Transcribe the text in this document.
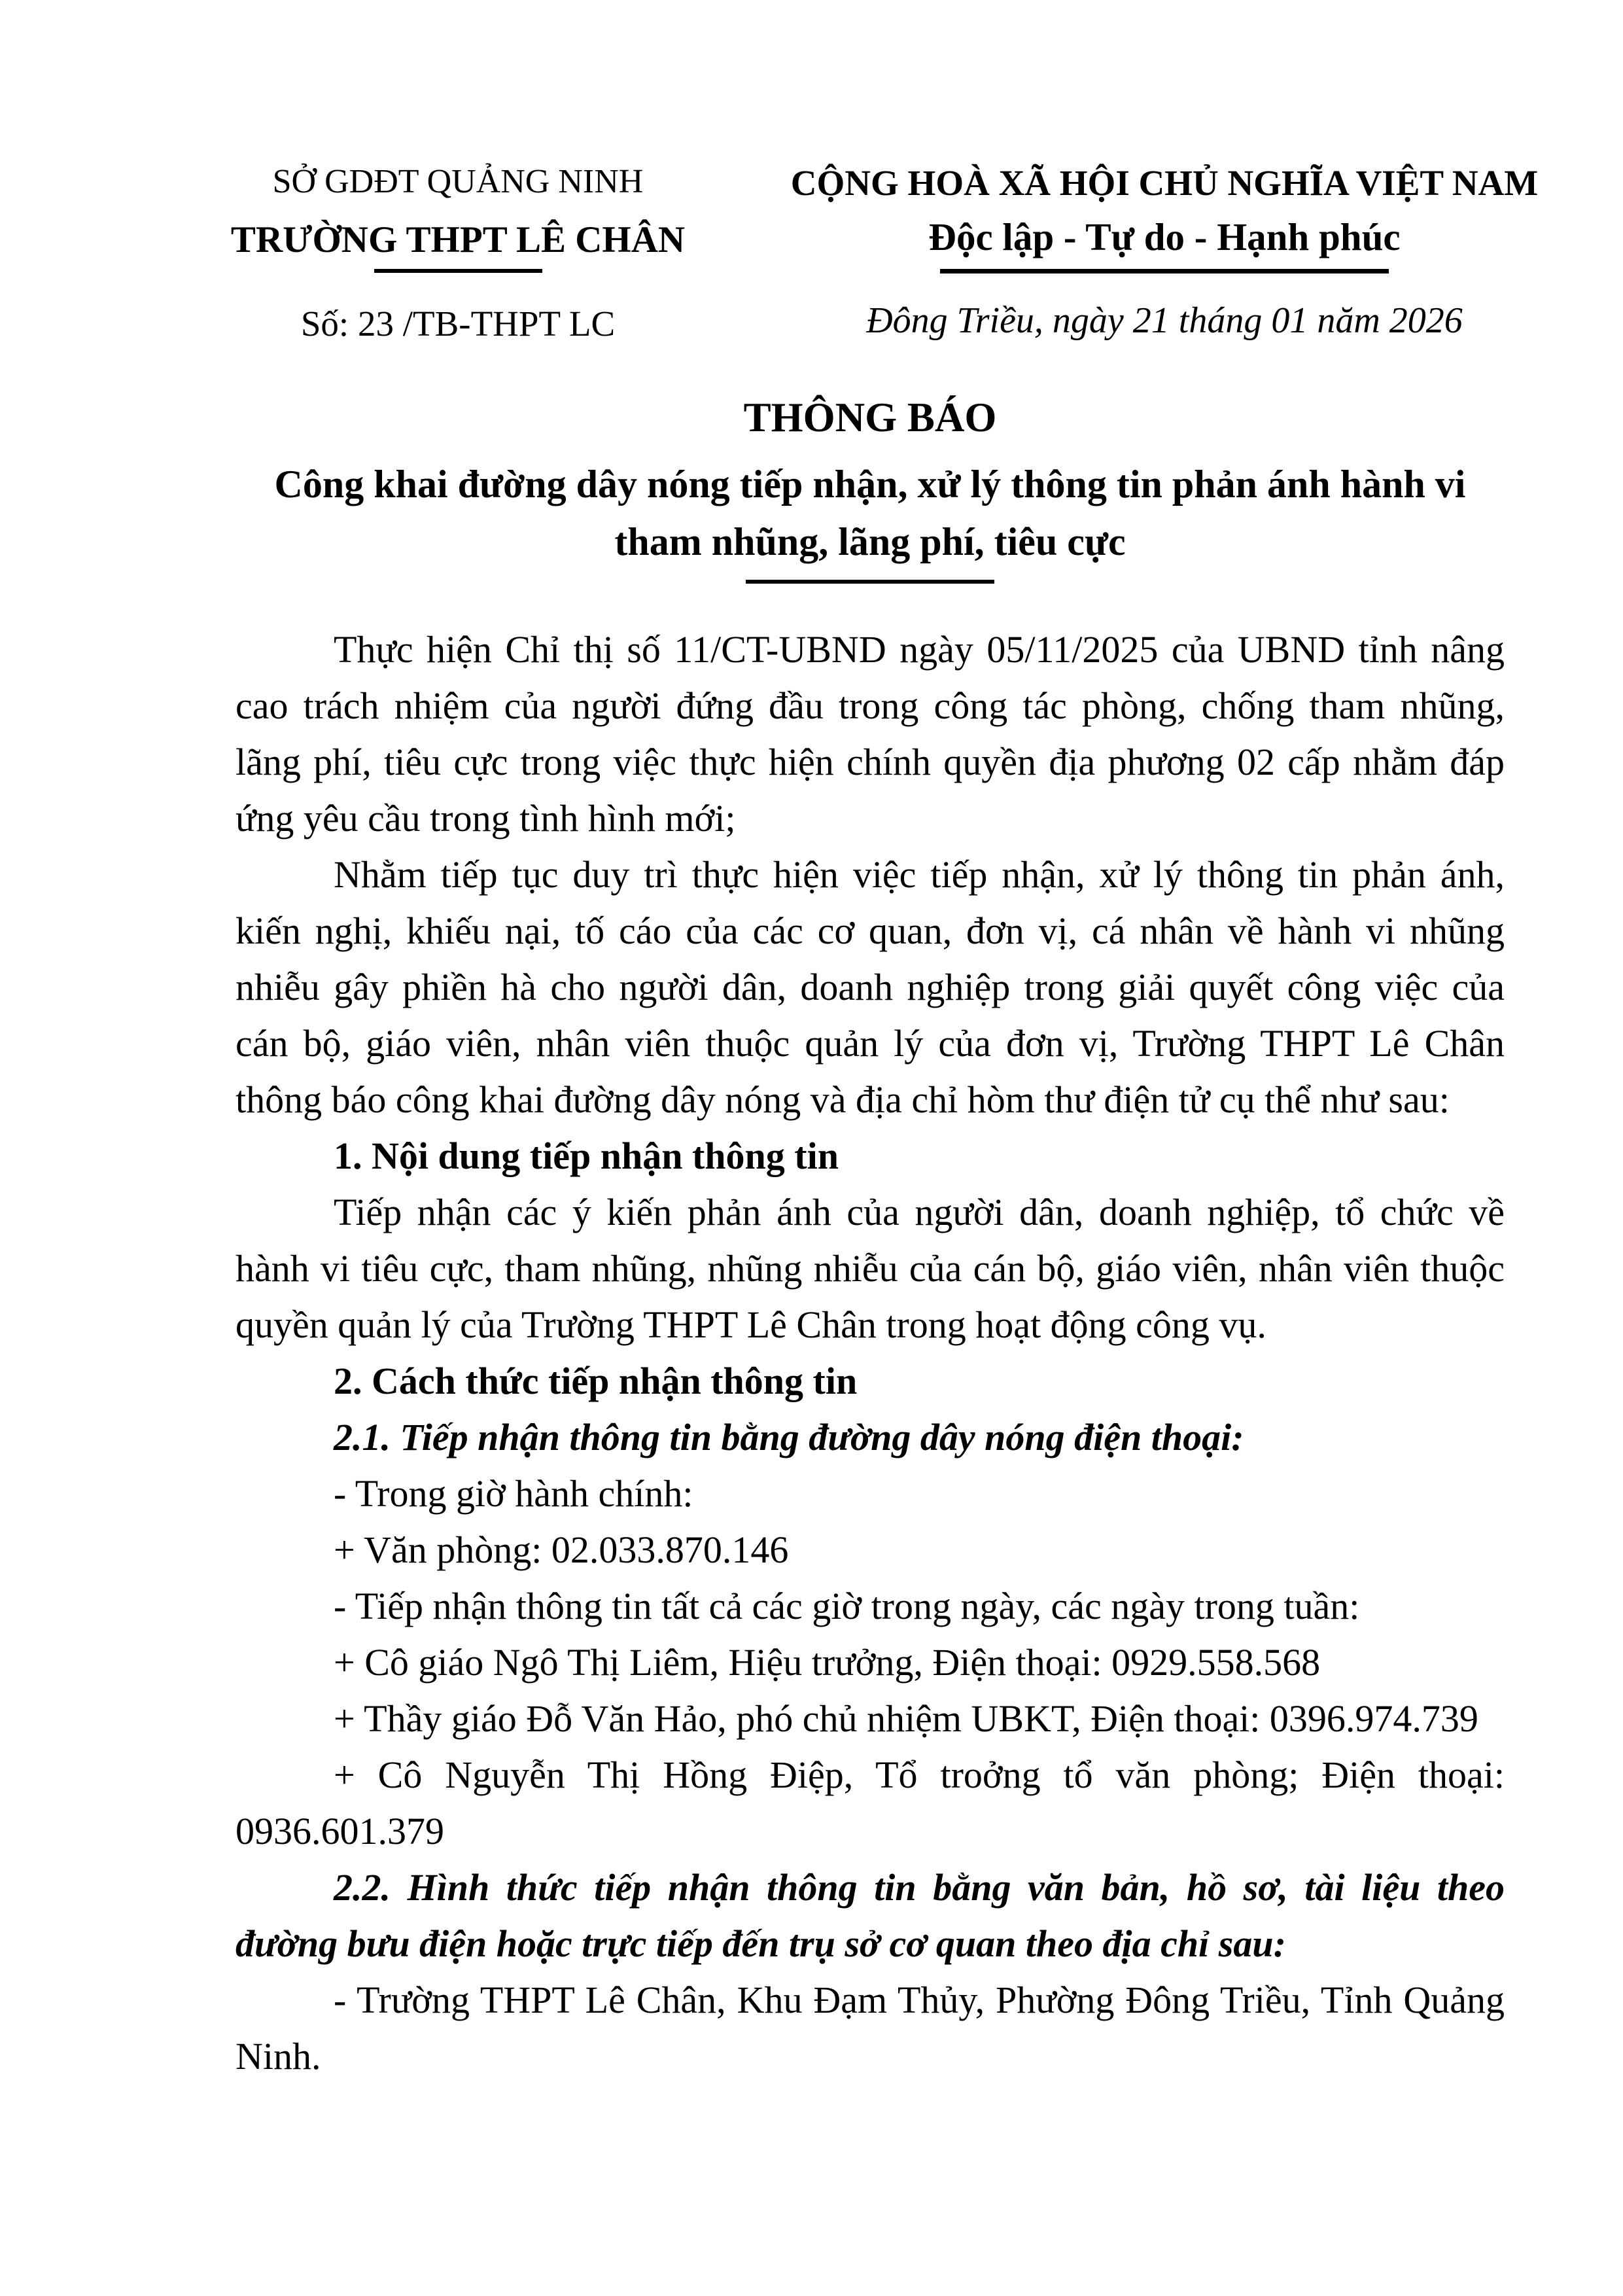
SỞ GDĐT QUẢNG NINH
TRƯỜNG THPT LÊ CHÂN
Số: 23 /TB-THPT LC
CỘNG HOÀ XÃ HỘI CHỦ NGHĨA VIỆT NAM
Độc lập - Tự do - Hạnh phúc
Đông Triều, ngày 21 tháng 01 năm 2026
THÔNG BÁO
Công khai đường dây nóng tiếp nhận, xử lý thông tin phản ánh hành vi
tham nhũng, lãng phí, tiêu cực

Thực hiện Chỉ thị số 11/CT-UBND ngày 05/11/2025 của UBND tỉnh nâng cao trách nhiệm của người đứng đầu trong công tác phòng, chống tham nhũng, lãng phí, tiêu cực trong việc thực hiện chính quyền địa phương 02 cấp nhằm đáp ứng yêu cầu trong tình hình mới;

Nhằm tiếp tục duy trì thực hiện việc tiếp nhận, xử lý thông tin phản ánh, kiến nghị, khiếu nại, tố cáo của các cơ quan, đơn vị, cá nhân về hành vi nhũng nhiễu gây phiền hà cho người dân, doanh nghiệp trong giải quyết công việc của cán bộ, giáo viên, nhân viên thuộc quản lý của đơn vị, Trường THPT Lê Chân thông báo công khai đường dây nóng và địa chỉ hòm thư điện tử cụ thể như sau:

1. Nội dung tiếp nhận thông tin

Tiếp nhận các ý kiến phản ánh của người dân, doanh nghiệp, tổ chức về hành vi tiêu cực, tham nhũng, nhũng nhiễu của cán bộ, giáo viên, nhân viên thuộc quyền quản lý của Trường THPT Lê Chân trong hoạt động công vụ.

2. Cách thức tiếp nhận thông tin

2.1. Tiếp nhận thông tin bằng đường dây nóng điện thoại:

- Trong giờ hành chính:

+ Văn phòng: 02.033.870.146

- Tiếp nhận thông tin tất cả các giờ trong ngày, các ngày trong tuần:

+ Cô giáo Ngô Thị Liêm, Hiệu trưởng, Điện thoại: 0929.558.568

+ Thầy giáo Đỗ Văn Hảo, phó chủ nhiệm UBKT, Điện thoại: 0396.974.739

+ Cô Nguyễn Thị Hồng Điệp, Tổ troởng tổ văn phòng; Điện thoại: 0936.601.379

2.2. Hình thức tiếp nhận thông tin bằng văn bản, hồ sơ, tài liệu theo đường bưu điện hoặc trực tiếp đến trụ sở cơ quan theo địa chỉ sau:

- Trường THPT Lê Chân, Khu Đạm Thủy, Phường Đông Triều, Tỉnh Quảng Ninh.
